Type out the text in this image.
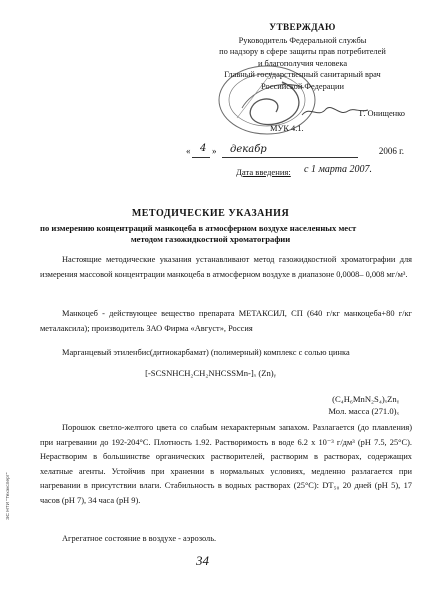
УТВЕРЖДАЮ
Руководитель Федеральной службы
по надзору в сфере защиты прав потребителей
и благополучия человека
Главный государственный санитарный врач
Российской Федерации
Г. Онищенко
МУК 4.1.
« 4 » декабр	2006 г.
Дата введения: с 1 марта 2007.
МЕТОДИЧЕСКИЕ УКАЗАНИЯ
по измерению концентраций манкоцеба в атмосферном воздухе населенных мест
методом газожидкостной хроматографии
Настоящие методические указания устанавливают метод газожидкостной хроматографии для измерения массовой концентрации манкоцеба в атмосферном воздухе в диапазоне 0,0008– 0,008 мг/м³.
Манкоцеб - действующее вещество препарата МЕТАКСИЛ, СП (640 г/кг манкоцеба+80 г/кг металаксила); производитель ЗАО Фирма «Август», Россия
Марганцевый этиленбис(дитиокарбамат) (полимерный) комплекс с солью цинка
[-SCSNHCH₂CH₂NHCSSMn-]ₓ (Zn)ᵧ
(C₄H₆MnN₂S₄)ₓZnᵧ
Мол. масса (271.0)ₓ
Порошок светло-желтого цвета со слабым нехарактерным запахом. Разлагается (до плавления) при нагревании до 192-204°C. Плотность 1.92. Растворимость в воде 6.2 х 10⁻³ г/дм³ (pH 7.5, 25°C). Нерастворим в большинстве органических растворителей, растворим в растворах, содержащих хелатные агенты. Устойчив при хранении в нормальных условиях, медленно разлагается при нагревании в присутствии влаги. Стабильность в водных растворах (25°C): DT₅₀ 20 дней (pH 5), 17 часов (pH 7), 34 часа (pH 9).
Агрегатное состояние в воздухе - аэрозоль.
34
ЭС НТИ "Техэксперт"
